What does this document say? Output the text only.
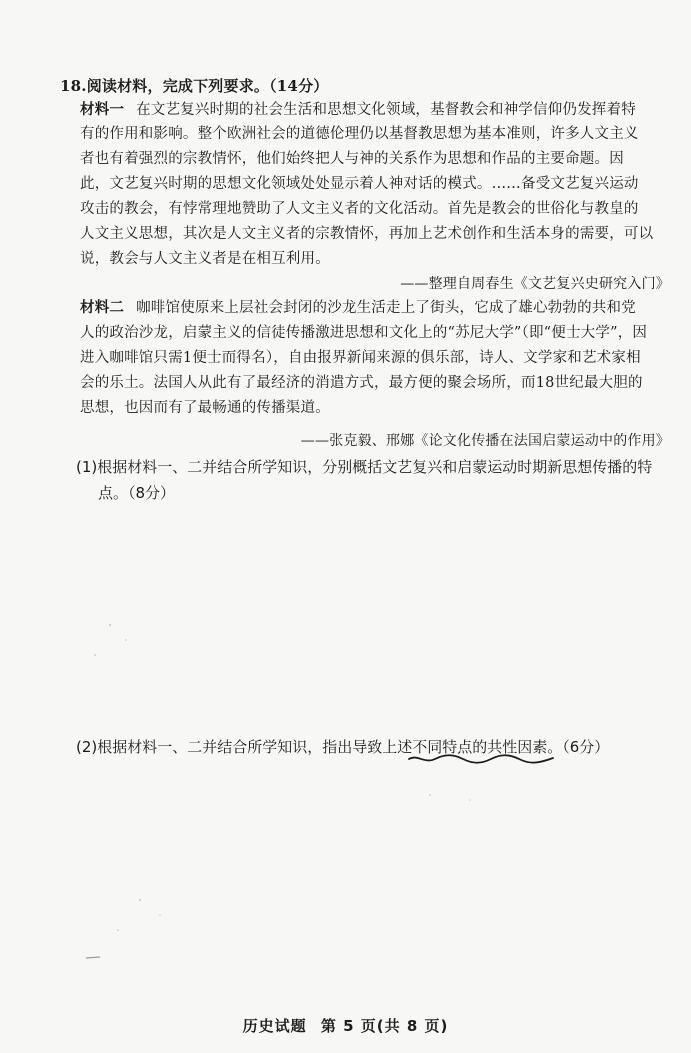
18.阅读材料，完成下列要求。（14分）
材料一 在文艺复兴时期的社会生活和思想文化领域，基督教会和神学信仰仍发挥着特
有的作用和影响。整个欧洲社会的道德伦理仍以基督教思想为基本准则，许多人文主义
者也有着强烈的宗教情怀，他们始终把人与神的关系作为思想和作品的主要命题。因
此，文艺复兴时期的思想文化领域处处显示着人神对话的模式。……备受文艺复兴运动
攻击的教会，有悖常理地赞助了人文主义者的文化活动。首先是教会的世俗化与教皇的
人文主义思想，其次是人文主义者的宗教情怀，再加上艺术创作和生活本身的需要，可以
说，教会与人文主义者是在相互利用。
——整理自周春生《文艺复兴史研究入门》
材料二 咖啡馆使原来上层社会封闭的沙龙生活走上了街头，它成了雄心勃勃的共和党
人的政治沙龙，启蒙主义的信徒传播激进思想和文化上的“苏尼大学”（即“便士大学”，因
进入咖啡馆只需1便士而得名），自由报界新闻来源的俱乐部，诗人、文学家和艺术家相
会的乐土。法国人从此有了最经济的消遣方式，最方便的聚会场所，而18世纪最大胆的
思想，也因而有了最畅通的传播渠道。
——张克毅、邢娜《论文化传播在法国启蒙运动中的作用》
(1)根据材料一、二并结合所学知识，分别概括文艺复兴和启蒙运动时期新思想传播的特
点。（8分）
(2)根据材料一、二并结合所学知识，指出导致上述不同特点的共性因素。（6分）
历史试题 第 5 页(共 8 页)
